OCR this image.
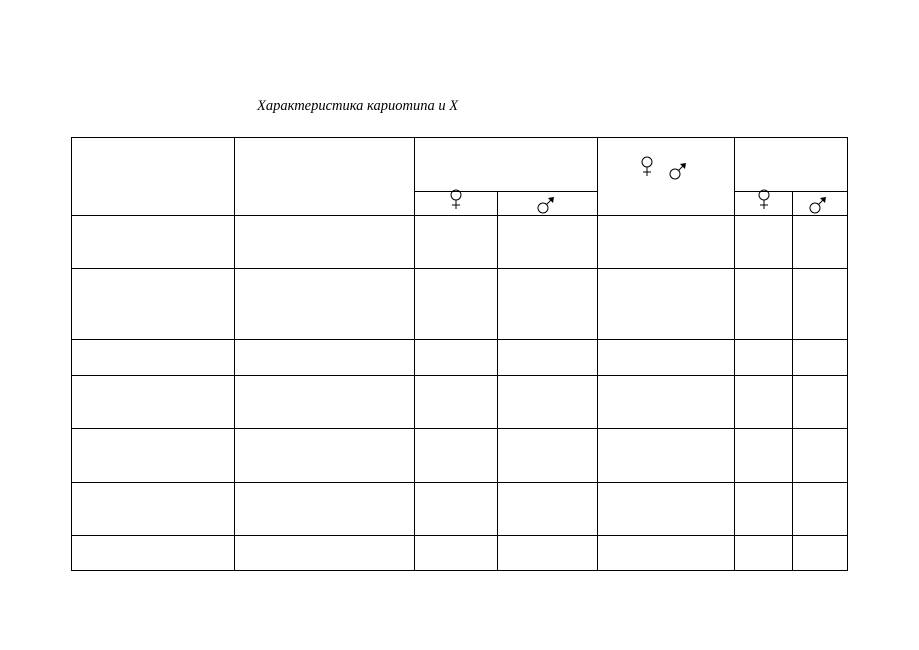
Характеристика кариотипа и X
